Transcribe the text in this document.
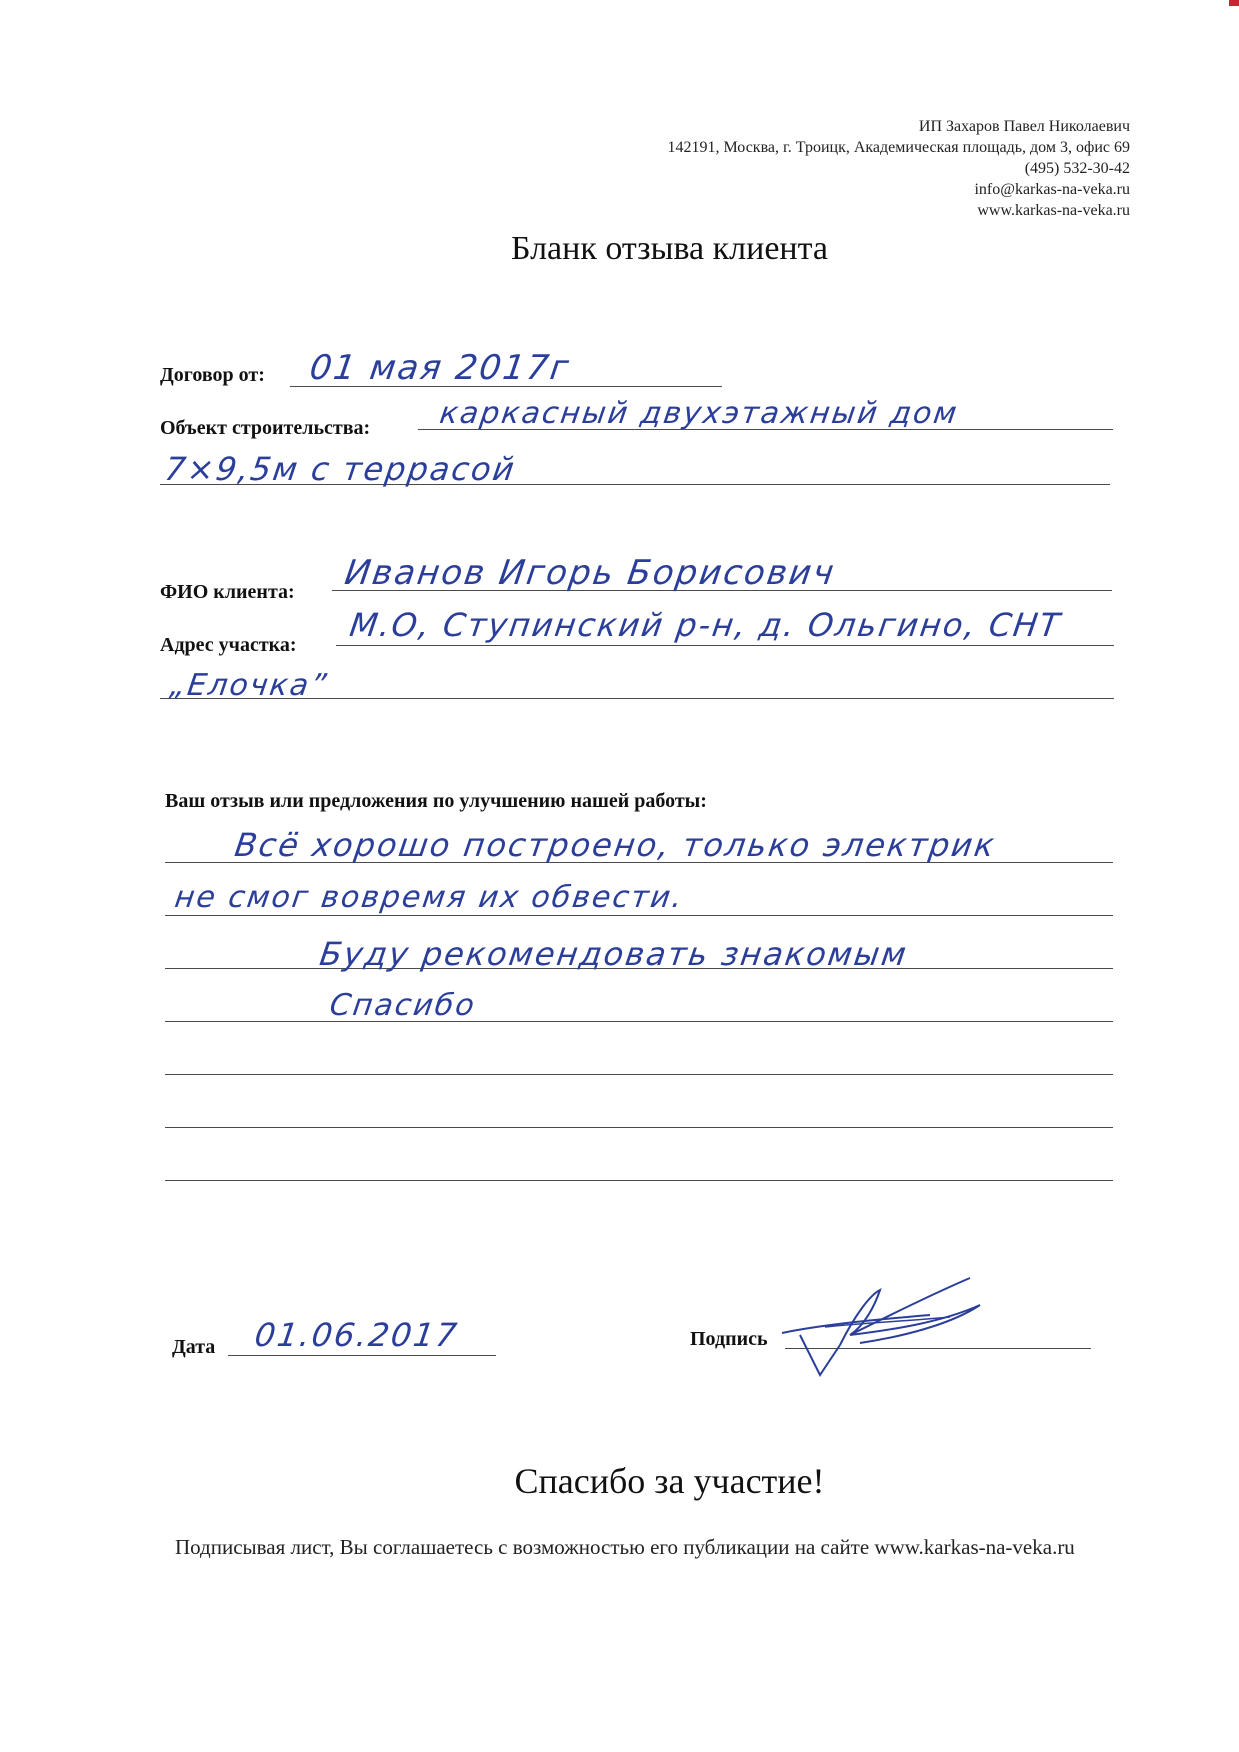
ИП Захаров Павел Николаевич
142191, Москва, г. Троицк, Академическая площадь, дом 3, офис 69
(495) 532-30-42
info@karkas-na-veka.ru
www.karkas-na-veka.ru
Бланк отзыва клиента
Договор от: 01 мая 2017г
Объект строительства: каркасный двухэтажный дом
7×9,5м с террасой
ФИО клиента: Иванов Игорь Борисович
Адрес участка:
М.О, Ступинский р-н, д. Ольгино, СНТ
„Елочка”
Ваш отзыв или предложения по улучшению нашей работы:
Всё хорошо построено, только электрик
не смог вовремя их обвести.
Буду рекомендовать знакомым
Спасибо
Дата 01.06.2017	Подпись
Спасибо за участие!
Подписывая лист, Вы соглашаетесь с возможностью его публикации на сайте www.karkas-na-veka.ru
